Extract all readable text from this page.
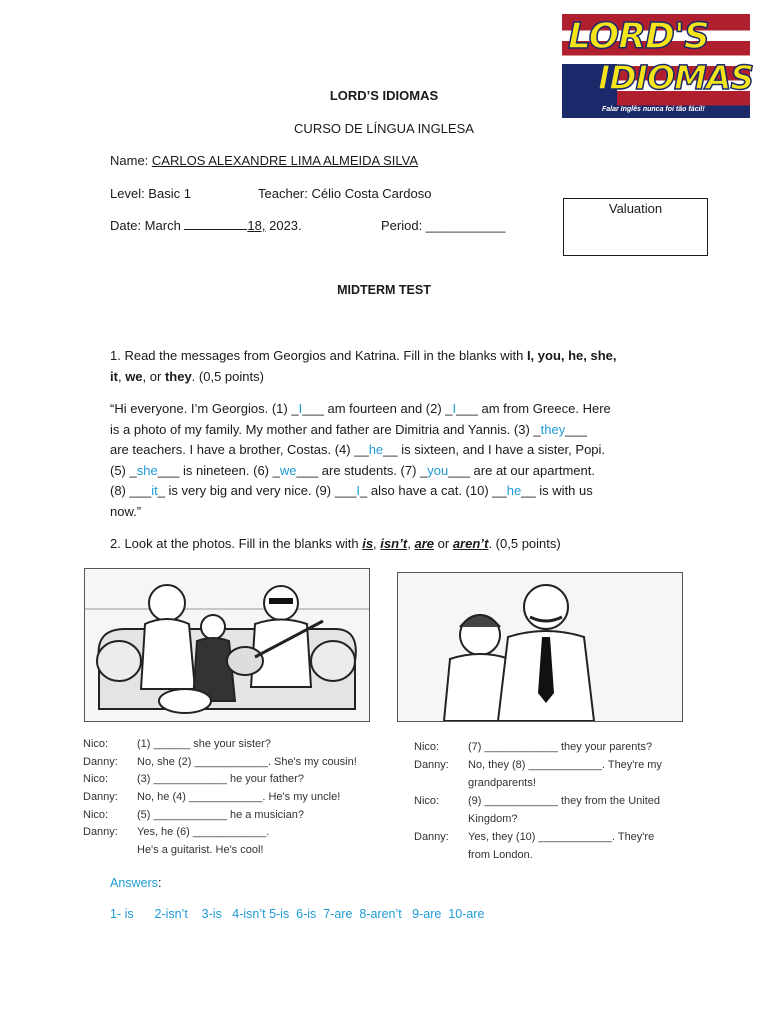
LORD'S
IDIOMAS
Falar Inglês nunca foi tão fácil!
LORD’S IDIOMAS
CURSO DE LÍNGUA INGLESA
Name: CARLOS ALEXANDRE LIMA ALMEIDA SILVA
Level: Basic 1	Teacher: Célio Costa Cardoso
Date: March	18, 2023.	Period: ___________
Valuation
MIDTERM TEST
1. Read the messages from Georgios and Katrina. Fill in the blanks with I, you, he, she,
it, we, or they. (0,5 points)
“Hi everyone. I’m Georgios. (1) _I___ am fourteen and (2) _I___ am from Greece. Here
is a photo of my family. My mother and father are Dimitria and Yannis. (3) _they___
are teachers. I have a brother, Costas. (4) __he__ is sixteen, and I have a sister, Popi.
(5) _she___ is nineteen. (6) _we___ are students. (7) _you___ are at our apartment.
(8) ___it_ is very big and very nice. (9) ___I_ also have a cat. (10) __he__ is with us
now.”
2. Look at the photos. Fill in the blanks with is, isn’t, are or aren’t. (0,5 points)
Nico:	(1) ______ she your sister?
Danny: No, she (2) ____________. She's my cousin!
Nico:	(3) ____________ he your father?
Danny: No, he (4) ____________. He's my uncle!
Nico:	(5) ____________ he a musician?
Danny: Yes, he (6) ____________.
He's a guitarist. He's cool!
Nico:	(7) ____________ they your parents?
Danny: No, they (8) ____________. They're my
grandparents!
Nico:	(9) ____________ they from the United
Kingdom?
Danny: Yes, they (10) ____________. They're
from London.
Answers:
1- is      2-isn’t    3-is   4-isn’t 5-is  6-is  7-are  8-aren’t   9-are  10-are
